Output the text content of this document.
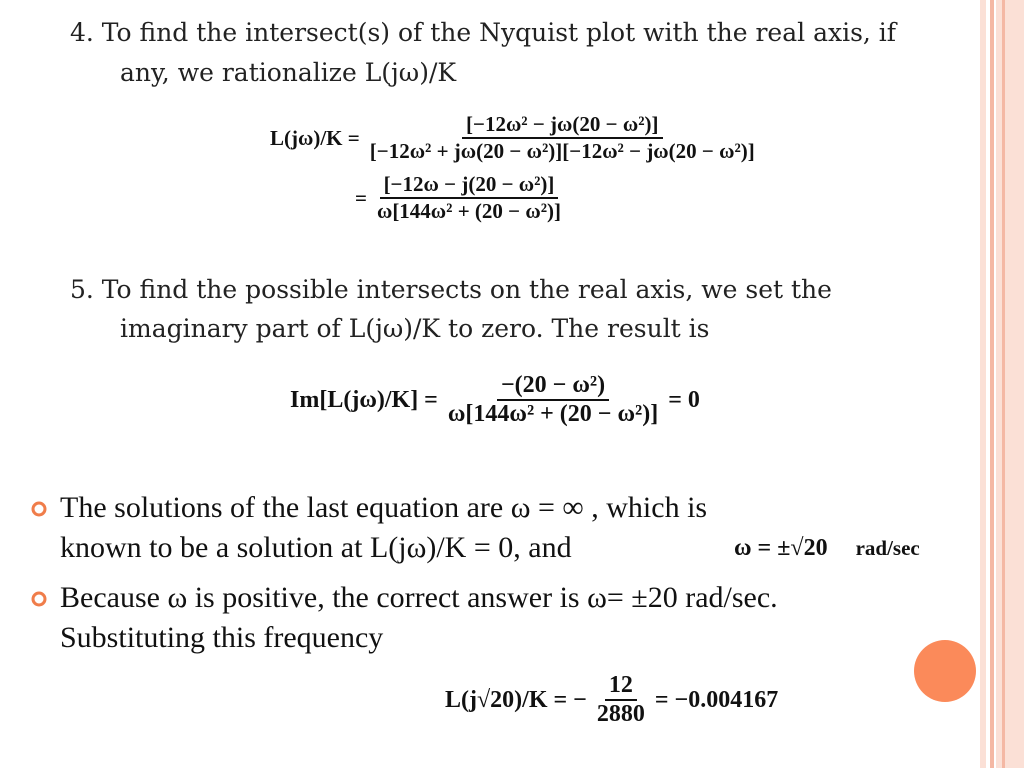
4. To find the intersect(s) of the Nyquist plot with the real axis, if
any, we rationalize L(jω)/K
$L(j\omega)/K = \frac{\text{[−12ω² − jω(20 − ω²)]}}{\text{[−12ω² + jω(20 − ω²)][−12ω² − jω(20 − ω²)]}}$
= $\frac{\text{[−12ω − j(20 − ω²)]}}{\text{ω[144ω² + (20 − ω²)]}}$
5. To find the possible intersects on the real axis, we set the
imaginary part of L(jω)/K to zero. The result is
$Im[L(j\omega)/K] = \frac{\text{−(20 − ω²)}}{\text{ω[144ω² + (20 − ω²)]}} = 0$
The solutions of the last equation are ω = ∞ , which is
known to be a solution at L(jω)/K = 0, and	ω = ±√20 rad/sec
Because ω is positive, the correct answer is ω= ±20 rad/sec.
Substituting this frequency
L(j√20)/K = − $\frac{12}{2880} = -0.004167$
